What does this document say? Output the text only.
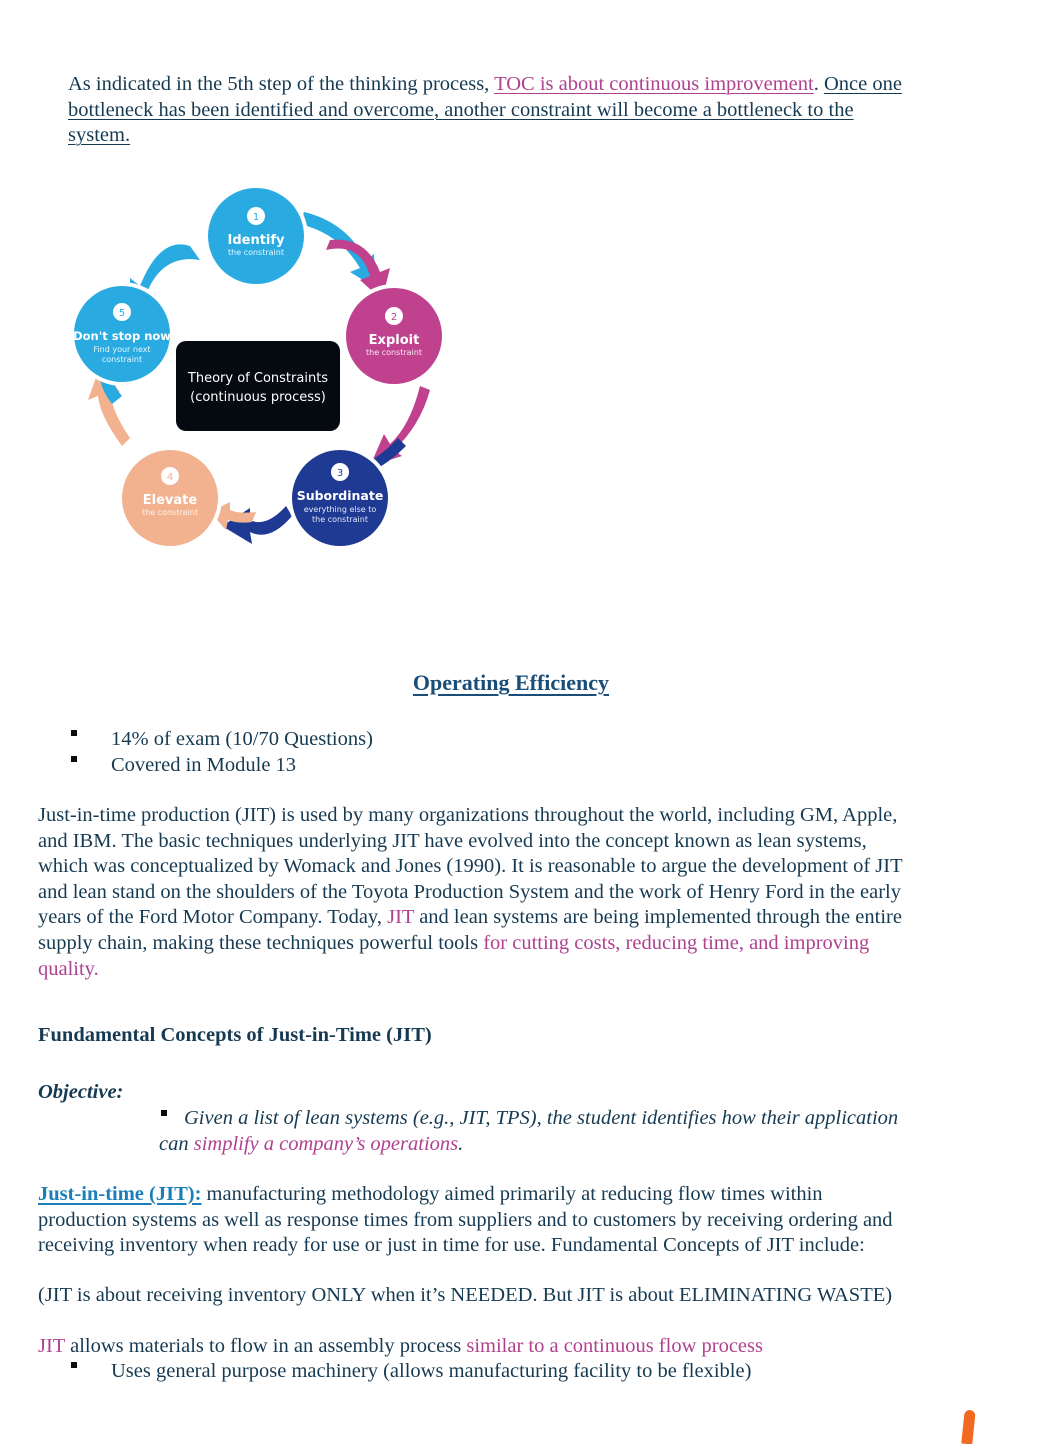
As indicated in the 5th step of the thinking process, TOC is about continuous improvement. Once one
bottleneck has been identified and overcome, another constraint will become a bottleneck to the
system.
1
Identify
the constraint
2
Exploit
the constraint
3
Subordinate
everything else to
the constraint
4
Elevate
the constraint
5
Don't stop now
Find your next
constraint
Theory of Constraints
(continuous process)
Operating Efficiency
14% of exam (10/70 Questions)
Covered in Module 13
Just-in-time production (JIT) is used by many organizations throughout the world, including GM, Apple,
and IBM. The basic techniques underlying JIT have evolved into the concept known as lean systems,
which was conceptualized by Womack and Jones (1990). It is reasonable to argue the development of JIT
and lean stand on the shoulders of the Toyota Production System and the work of Henry Ford in the early
years of the Ford Motor Company. Today, JIT and lean systems are being implemented through the entire
supply chain, making these techniques powerful tools for cutting costs, reducing time, and improving
quality.
Fundamental Concepts of Just-in-Time (JIT)
Objective:
Given a list of lean systems (e.g., JIT, TPS), the student identifies how their application
can simplify a company’s operations.
Just-in-time (JIT): manufacturing methodology aimed primarily at reducing flow times within
production systems as well as response times from suppliers and to customers by receiving ordering and
receiving inventory when ready for use or just in time for use. Fundamental Concepts of JIT include:
(JIT is about receiving inventory ONLY when it’s NEEDED. But JIT is about ELIMINATING WASTE)
JIT allows materials to flow in an assembly process similar to a continuous flow process
Uses general purpose machinery (allows manufacturing facility to be flexible)
